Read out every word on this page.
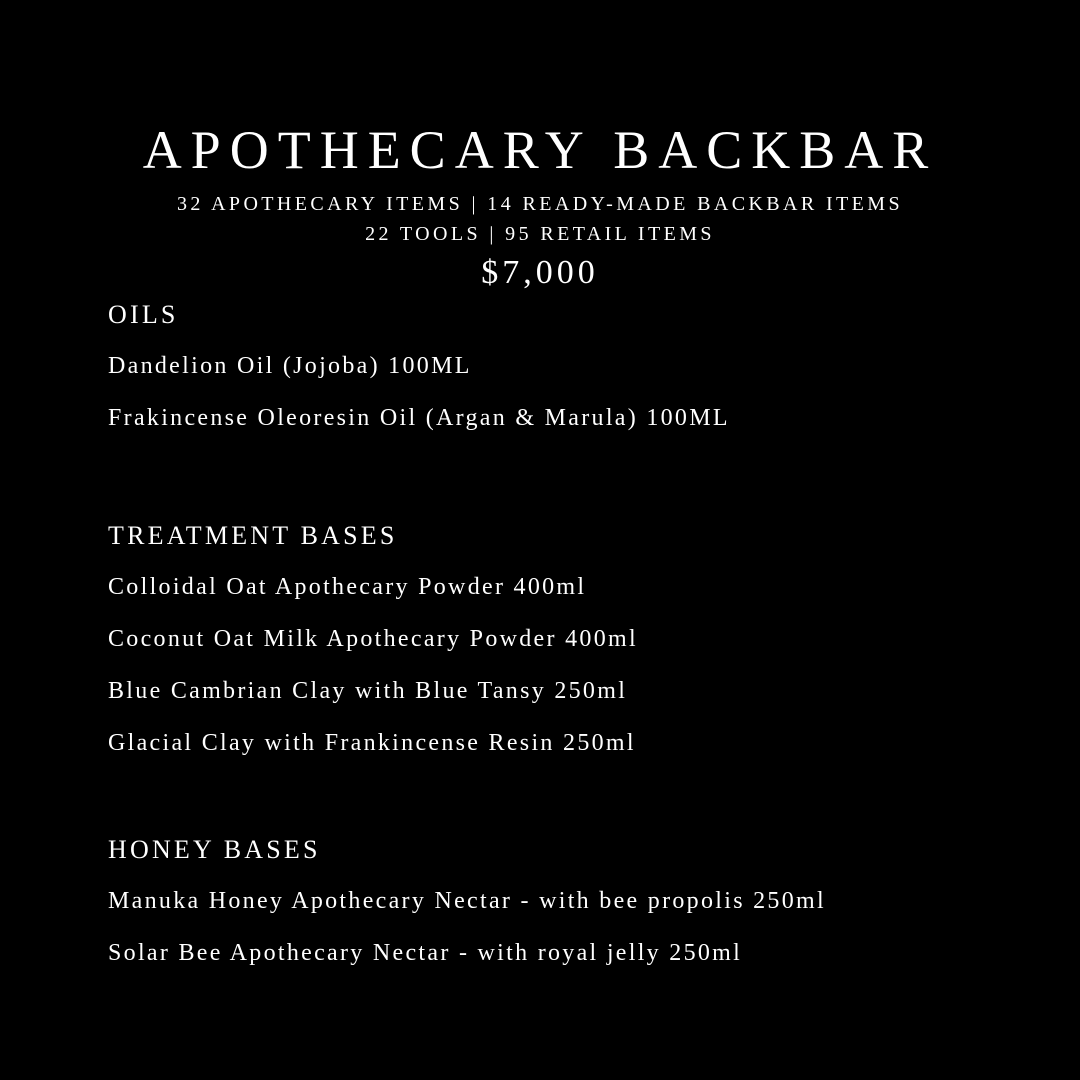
APOTHECARY BACKBAR
32 APOTHECARY ITEMS | 14 READY-MADE BACKBAR ITEMS
22 TOOLS | 95 RETAIL ITEMS
$7,000
OILS
Dandelion Oil (Jojoba) 100ML
Frakincense Oleoresin Oil (Argan & Marula) 100ML
TREATMENT BASES
Colloidal Oat Apothecary Powder 400ml
Coconut Oat Milk Apothecary Powder 400ml
Blue Cambrian Clay with Blue Tansy 250ml
Glacial Clay with Frankincense Resin 250ml
HONEY BASES
Manuka Honey Apothecary Nectar - with bee propolis 250ml
Solar Bee Apothecary Nectar - with royal jelly 250ml
